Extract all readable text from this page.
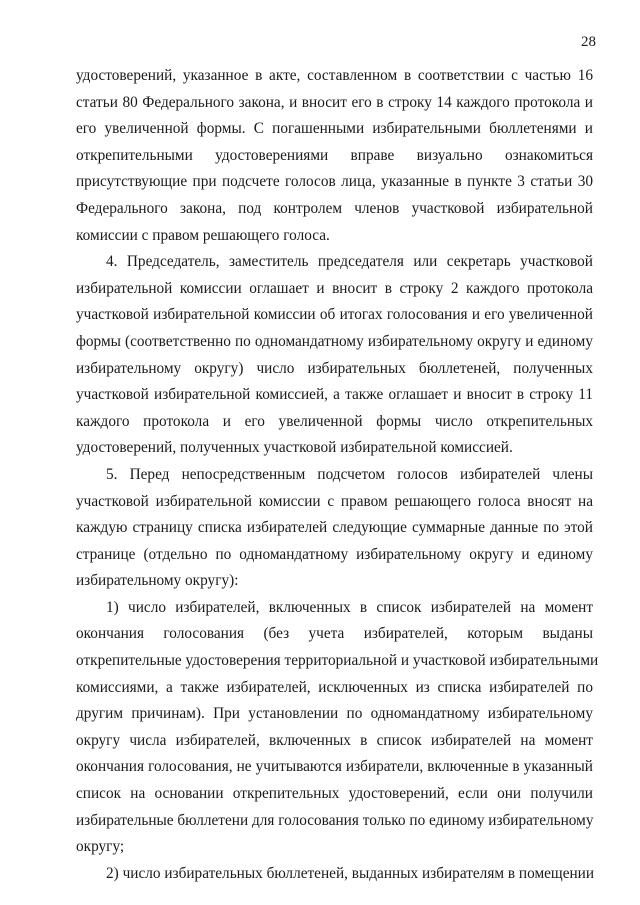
28

удостоверений, указанное в акте, составленном в соответствии с частью 16
статьи 80 Федерального закона, и вносит его в строку 14 каждого протокола и
его увеличенной формы. С погашенными избирательными бюллетенями и
открепительными удостоверениями вправе визуально ознакомиться
присутствующие при подсчете голосов лица, указанные в пункте 3 статьи 30
Федерального закона, под контролем членов участковой избирательной
комиссии с правом решающего голоса.

4. Председатель, заместитель председателя или секретарь участковой
избирательной комиссии оглашает и вносит в строку 2 каждого протокола
участковой избирательной комиссии об итогах голосования и его увеличенной
формы (соответственно по одномандатному избирательному округу и единому
избирательному округу) число избирательных бюллетеней, полученных
участковой избирательной комиссией, а также оглашает и вносит в строку 11
каждого протокола и его увеличенной формы число открепительных
удостоверений, полученных участковой избирательной комиссией.

5. Перед непосредственным подсчетом голосов избирателей члены
участковой избирательной комиссии с правом решающего голоса вносят на
каждую страницу списка избирателей следующие суммарные данные по этой
странице (отдельно по одномандатному избирательному округу и единому
избирательному округу):

1) число избирателей, включенных в список избирателей на момент
окончания голосования (без учета избирателей, которым выданы
открепительные удостоверения территориальной и участковой избирательными
комиссиями, а также избирателей, исключенных из списка избирателей по
другим причинам). При установлении по одномандатному избирательному
округу числа избирателей, включенных в список избирателей на момент
окончания голосования, не учитываются избиратели, включенные в указанный
список на основании открепительных удостоверений, если они получили
избирательные бюллетени для голосования только по единому избирательному
округу;

2) число избирательных бюллетеней, выданных избирателям в помещении
